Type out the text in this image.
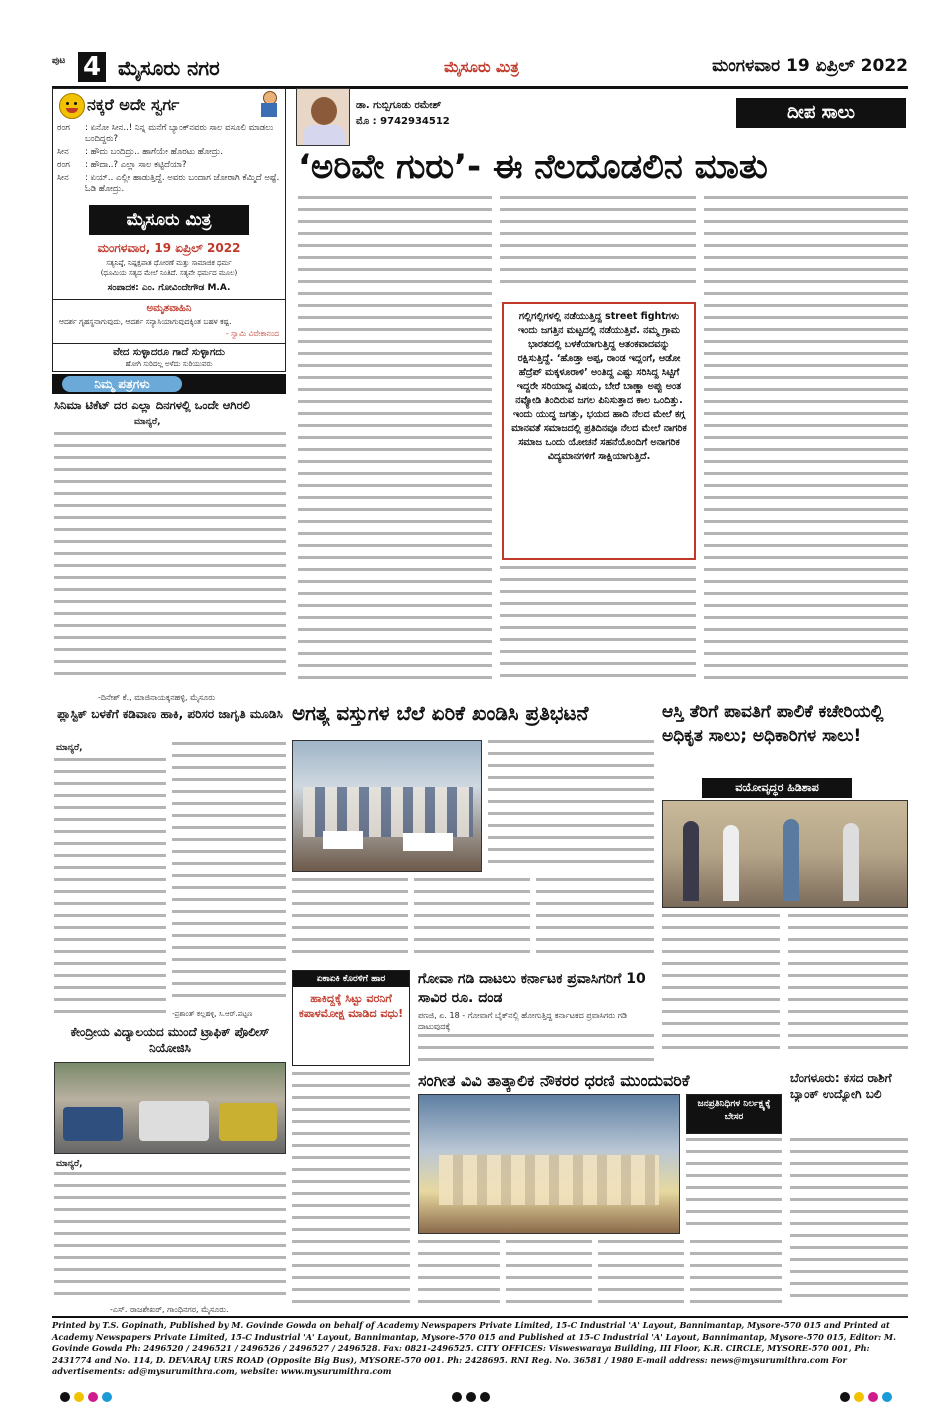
ಪುಟ 4 ಮೈಸೂರು ನಗರ	ಮೈಸೂರು ಮಿತ್ರ	ಮಂಗಳವಾರ 19 ಏಪ್ರಿಲ್ 2022
ನಕ್ಕರೆ ಅದೇ ಸ್ವರ್ಗ
ರಂಗ	: ಏನೋ ಸೀನ..! ನಿನ್ನ ಮನೆಗೆ ಬ್ಯಾಂಕ್‌ನವರು ಸಾಲ ವಸೂಲಿ ಮಾಡಲು ಬಂದಿದ್ದರು?
ಸೀನ	: ಹೌದು ಬಂದಿದ್ರು.. ಹಾಗೆಯೇ ಹೊರಟು ಹೋದ್ರು.
ರಂಗ	: ಹೌದಾ..? ಎಲ್ಲಾ ಸಾಲ ಕಟ್ಟಿದೆಯಾ?
ಸೀನ	: ಏಯ್.. ಎಲ್ಲೀ ಹಾಡುತ್ತಿದ್ದೆ. ಅವರು ಬಂದಾಗ ಜೋರಾಗಿ ಕೆಮ್ಮಿದೆ ಅಷ್ಟೆ. ಓಡಿ ಹೋದ್ರು.
ಮೈಸೂರು ಮಿತ್ರ
ಮಂಗಳವಾರ, 19 ಏಪ್ರಿಲ್ 2022
ಸತ್ಯನಿಷ್ಠೆ, ನಿಷ್ಪಕ್ಷಪಾತ ಧೋರಣೆ ಮತ್ತು ಸಾಮಾಜಿಕ ಧರ್ಮ
(ಧೂಮಿಯ ಸತ್ಯದ ಮೇಲೆ ನಿಂತಿದೆ. ಸತ್ಯವೇ ಧರ್ಮದ ಮೂಲ)
ಸಂಪಾದಕ: ಎಂ. ಗೋವಿಂದೇಗೌಡ M.A.
ಅಮೃತವಾಹಿನಿ
ಆದರ್ಶ ಗೃಹಸ್ಥನಾಗುವುದು, ಆದರ್ಶ ಸನ್ಯಾಸಿಯಾಗುವುದಕ್ಕಿಂತ ಬಹಳ ಕಷ್ಟ.
- ಸ್ವಾಮಿ ವಿವೇಕಾನಂದ
ವೇದ ಸುಳ್ಳಾದರೂ ಗಾದೆ ಸುಳ್ಳಾಗದು
ಹೋಗಿ ಸುರಿದಲ್ಲ ಅಳೆದು ಸುರಿಯುವರು
ನಿಮ್ಮ ಪತ್ರಗಳು
ಸಿನಿಮಾ ಟಿಕೆಟ್ ದರ ಎಲ್ಲಾ ದಿನಗಳಲ್ಲಿ ಒಂದೇ ಆಗಿರಲಿ
ಮಾನ್ಯರೆ,
-ದಿನೇಶ್ ಕೆ., ಮಾಜಿನಾಯಕ್ಕನಹಳ್ಳಿ, ಮೈಸೂರು
ಪ್ಲಾಸ್ಟಿಕ್ ಬಳಕೆಗೆ ಕಡಿವಾಣ ಹಾಕಿ, ಪರಿಸರ ಜಾಗೃತಿ ಮೂಡಿಸಿ
ಮಾನ್ಯರೆ,
-ಪ್ರಶಾಂತ್ ಕಲ್ಲಹಳ್ಳಿ, ಸಿ.ಆರ್.ಪಟ್ಟಣ
ಕೇಂದ್ರೀಯ ವಿದ್ಯಾಲಯದ ಮುಂದೆ ಟ್ರಾಫಿಕ್ ಪೊಲೀಸ್ ನಿಯೋಜಿಸಿ
ಮಾನ್ಯರೆ,
-ಎಸ್. ರಾಜಶೇಖರ್, ಗಾಂಧಿನಗರ, ಮೈಸೂರು.
ಡಾ. ಗುಬ್ಬಿಗೂಡು ರಮೇಶ್
ಮೊ : 9742934512	ದೀಪ ಸಾಲು
‘ಅರಿವೇ ಗುರು’- ಈ ನೆಲದೊಡಲಿನ ಮಾತು
ಗಲ್ಲಿಗಲ್ಲಿಗಳಲ್ಲಿ ನಡೆಯುತ್ತಿದ್ದ street fightಗಳು ಇಂದು ಜಗತ್ತಿನ ಮಟ್ಟದಲ್ಲಿ ನಡೆಯುತ್ತಿವೆ. ನಮ್ಮ ಗ್ರಾಮ ಭಾರತದಲ್ಲಿ ಬಳಕೆಯಾಗುತ್ತಿದ್ದ ಆತಂಕವಾದವನ್ನು ರಕ್ಷಿಸುತ್ತಿದ್ದೆ. ‘ಹೊಡ್ತಾ ಅಪ್ಪ, ರಾಂಡ ಇದ್ಲಂಗೆ, ಆಡೋ ಹೆದ್ರೆಪ್ ಮಕ್ಕಳೂರಾಳಿ’ ಅಂತಿದ್ದ ಎಷ್ಟು ಸರಿಸಿದ್ದ ಸಿಟ್ಟಿಗೆ ಇದ್ದರೇ ಸರಿಯಾದ್ದ ವಿಷಯ, ಬೇರೆ ಬಾಣ್ಣಾ ಅಪ್ಪು ಅಂತ ನವ್ಯೋಡಿ ತಿಂದಿರುವ ಜಗಲ ಪಿನಿಸುತ್ತಾದ ಕಾಲ ಒಂದಿತ್ತು. ಇಂದು ಯುದ್ಧ ಜಗತ್ತು, ಭಯದ ಹಾದಿ ನೆಲದ ಮೇಲೆ ಕಗ್ಗ ಮಾನವತೆ ಸಮಾಜದಲ್ಲಿ ಪ್ರತಿದಿನವೂ ನೆಲದ ಮೇಲೆ ನಾಗರಿಕ ಸಮಾಜ ಒಂದು ಯೋಚನೆ ಸಹನೆಯೊಂದಿಗೆ ಅನಾಗರಿಕ ವಿದ್ಯಮಾನಗಳಿಗೆ ಸಾಕ್ಷಿಯಾಗುತ್ತಿದೆ.
ಅಗತ್ಯ ವಸ್ತುಗಳ ಬೆಲೆ ಏರಿಕೆ ಖಂಡಿಸಿ ಪ್ರತಿಭಟನೆ	ಆಸ್ತಿ ತೆರಿಗೆ ಪಾವತಿಗೆ ಪಾಲಿಕೆ ಕಚೇರಿಯಲ್ಲಿ ಅಧಿಕೃತ ಸಾಲು; ಅಧಿಕಾರಿಗಳ ಸಾಲು!
ವಯೋವೃದ್ಧರ ಹಿಡಿಶಾಪ
ಏಕಾಏಕಿ ಕೊರಳಿಗೆ ಹಾರ
ಹಾಕಿದ್ದಕ್ಕೆ ಸಿಟ್ಟು ವರನಿಗೆ ಕಪಾಳಮೋಕ್ಷ ಮಾಡಿದ ವಧು!
ಗೋವಾ ಗಡಿ ದಾಟಲು ಕರ್ನಾಟಕ ಪ್ರವಾಸಿಗರಿಗೆ 10 ಸಾವಿರ ರೂ. ದಂಡ
ಪಣಜಿ, ಏ. 18 - ಗೋವಾಗೆ ಬೈಕ್‌ನಲ್ಲಿ ಹೋಗುತ್ತಿದ್ದ ಕರ್ನಾಟಕದ ಪ್ರವಾಸಿಗರು ಗಡಿ ದಾಟುವುದಕ್ಕೆ
ಸಂಗೀತ ವಿವಿ ತಾತ್ಕಾಲಿಕ ನೌಕರರ ಧರಣಿ ಮುಂದುವರಿಕೆ
ಜನಪ್ರತಿನಿಧಿಗಳ ನಿರ್ಲಕ್ಷ್ಯಕ್ಕೆ ಬೇಸರ
ಬೆಂಗಳೂರು: ಕಸದ ರಾಶಿಗೆ ಬ್ಯಾಂಕ್ ಉದ್ಯೋಗಿ ಬಲಿ
Printed by T.S. Gopinath, Published by M. Govinde Gowda on behalf of Academy Newspapers Private Limited, 15-C Industrial 'A' Layout, Bannimantap, Mysore-570 015 and Printed at Academy Newspapers Private Limited, 15-C Industrial 'A' Layout, Bannimantap, Mysore-570 015 and Published at 15-C Industrial 'A' Layout, Bannimantap, Mysore-570 015, Editor: M. Govinde Gowda Ph: 2496520 / 2496521 / 2496526 / 2496527 / 2496528. Fax: 0821-2496525. CITY OFFICES: Visweswaraya Building, III Floor, K.R. CIRCLE, MYSORE-570 001, Ph: 2431774 and No. 114, D. DEVARAJ URS ROAD (Opposite Big Bus), MYSORE-570 001. Ph: 2428695. RNI Reg. No. 36581 / 1980 E-mail address: news@mysurumithra.com For advertisements: ad@mysurumithra.com, website: www.mysurumithra.com
